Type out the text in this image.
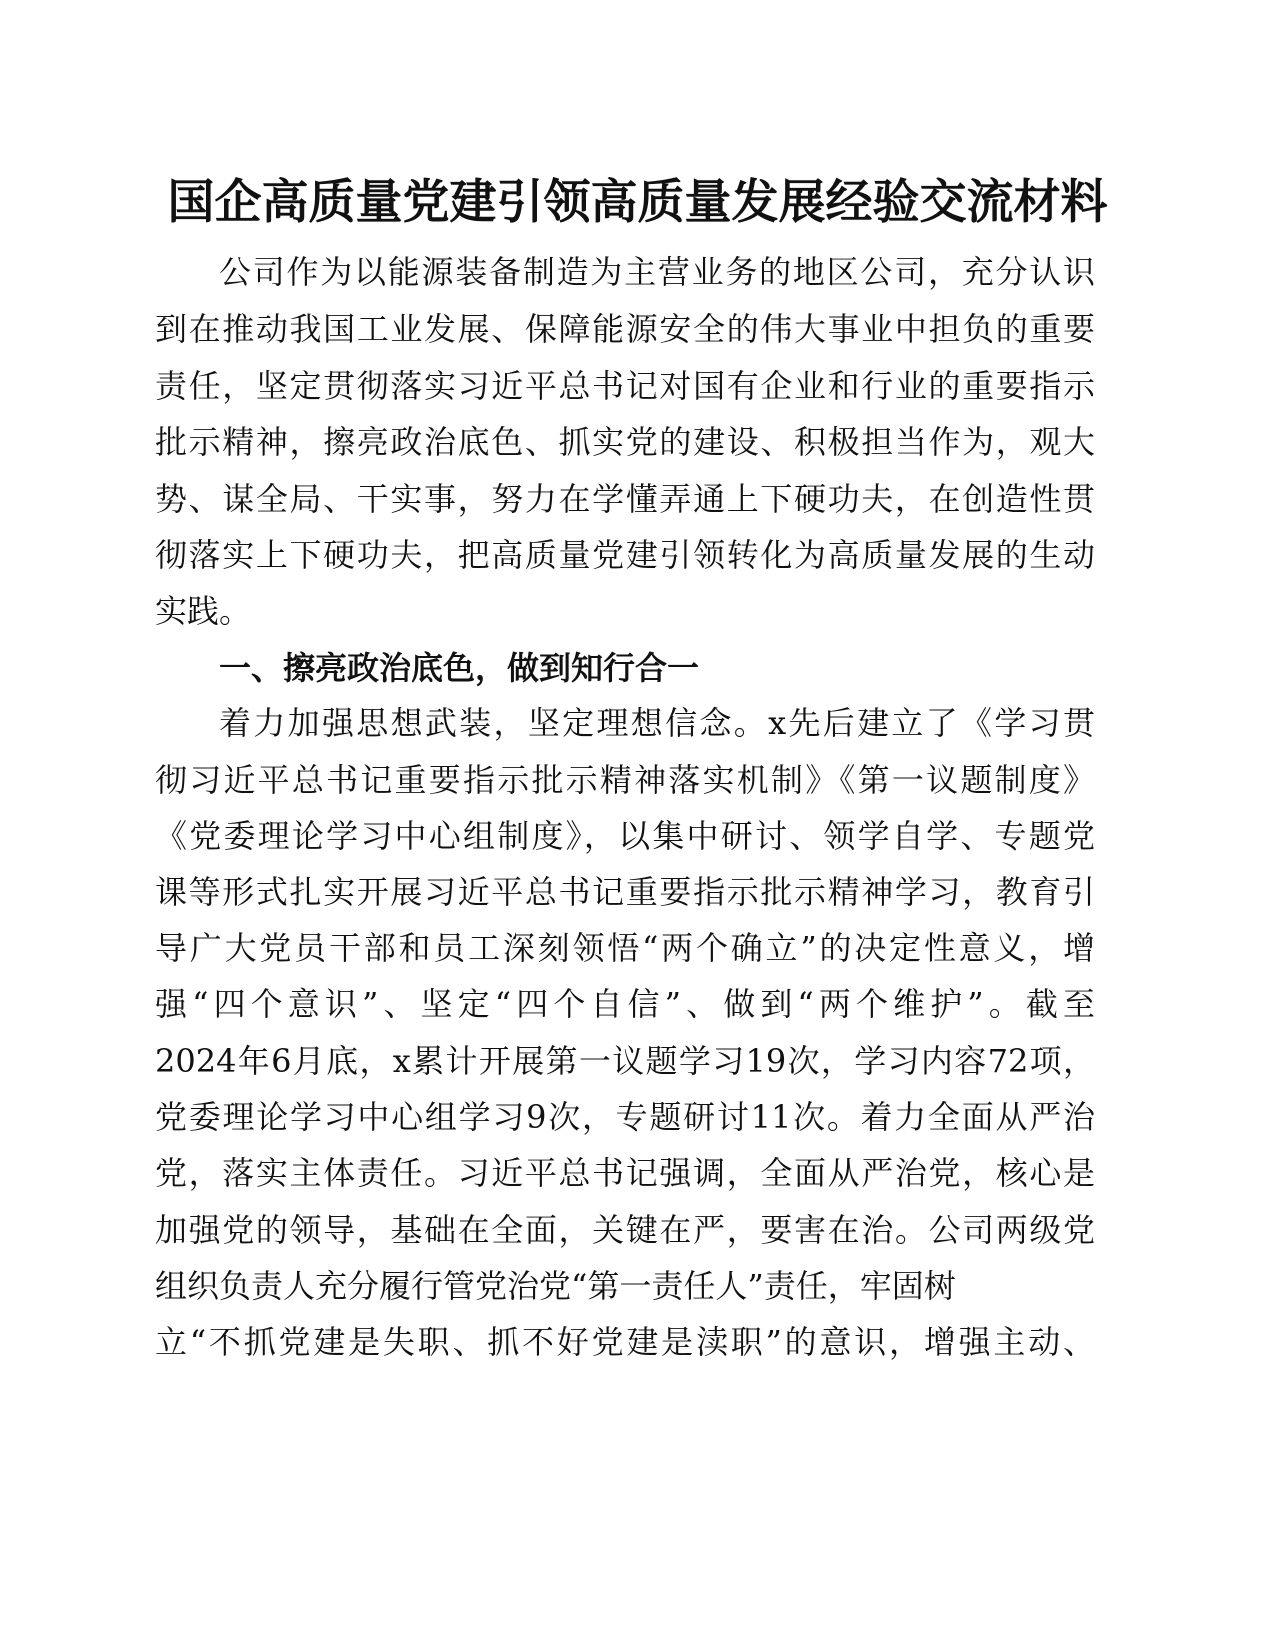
国企高质量党建引领高质量发展经验交流材料

公司作为以能源装备制造为主营业务的地区公司，充分认识

到在推动我国工业发展、保障能源安全的伟大事业中担负的重要

责任，坚定贯彻落实习近平总书记对国有企业和行业的重要指示

批示精神，擦亮政治底色、抓实党的建设、积极担当作为，观大

势、谋全局、干实事，努力在学懂弄通上下硬功夫，在创造性贯

彻落实上下硬功夫，把高质量党建引领转化为高质量发展的生动

实践。

一、擦亮政治底色，做到知行合一

着力加强思想武装，坚定理想信念。x先后建立了《学习贯

彻习近平总书记重要指示批示精神落实机制》《第一议题制度》

《党委理论学习中心组制度》，以集中研讨、领学自学、专题党

课等形式扎实开展习近平总书记重要指示批示精神学习，教育引

导广大党员干部和员工深刻领悟“两个确立”的决定性意义，增

强“四个意识”、坚定“四个自信”、做到“两个维护”。截至

2024年6月底，x累计开展第一议题学习19次，学习内容72项，

党委理论学习中心组学习9次，专题研讨11次。着力全面从严治

党，落实主体责任。习近平总书记强调，全面从严治党，核心是

加强党的领导，基础在全面，关键在严，要害在治。公司两级党

组织负责人充分履行管党治党“第一责任人”责任，牢固树

立“不抓党建是失职、抓不好党建是渎职”的意识，增强主动、
